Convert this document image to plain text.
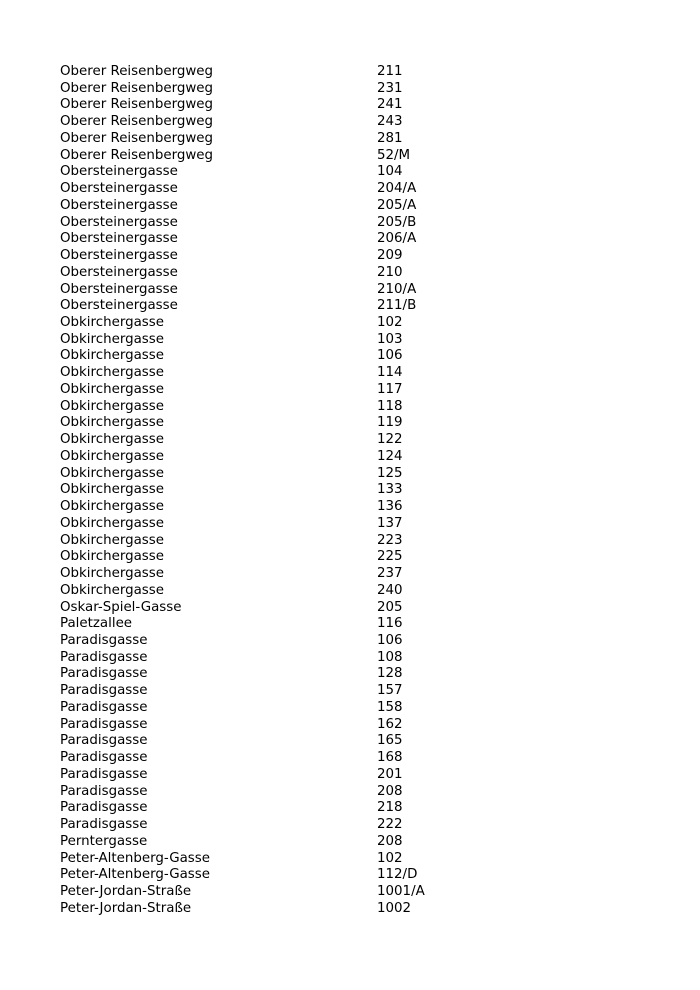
Oberer Reisenbergweg	211
Oberer Reisenbergweg	231
Oberer Reisenbergweg	241
Oberer Reisenbergweg	243
Oberer Reisenbergweg	281
Oberer Reisenbergweg	52/M
Obersteinergasse	104
Obersteinergasse	204/A
Obersteinergasse	205/A
Obersteinergasse	205/B
Obersteinergasse	206/A
Obersteinergasse	209
Obersteinergasse	210
Obersteinergasse	210/A
Obersteinergasse	211/B
Obkirchergasse	102
Obkirchergasse	103
Obkirchergasse	106
Obkirchergasse	114
Obkirchergasse	117
Obkirchergasse	118
Obkirchergasse	119
Obkirchergasse	122
Obkirchergasse	124
Obkirchergasse	125
Obkirchergasse	133
Obkirchergasse	136
Obkirchergasse	137
Obkirchergasse	223
Obkirchergasse	225
Obkirchergasse	237
Obkirchergasse	240
Oskar-Spiel-Gasse	205
Paletzallee	116
Paradisgasse	106
Paradisgasse	108
Paradisgasse	128
Paradisgasse	157
Paradisgasse	158
Paradisgasse	162
Paradisgasse	165
Paradisgasse	168
Paradisgasse	201
Paradisgasse	208
Paradisgasse	218
Paradisgasse	222
Perntergasse	208
Peter-Altenberg-Gasse	102
Peter-Altenberg-Gasse	112/D
Peter-Jordan-Straße	1001/A
Peter-Jordan-Straße	1002
